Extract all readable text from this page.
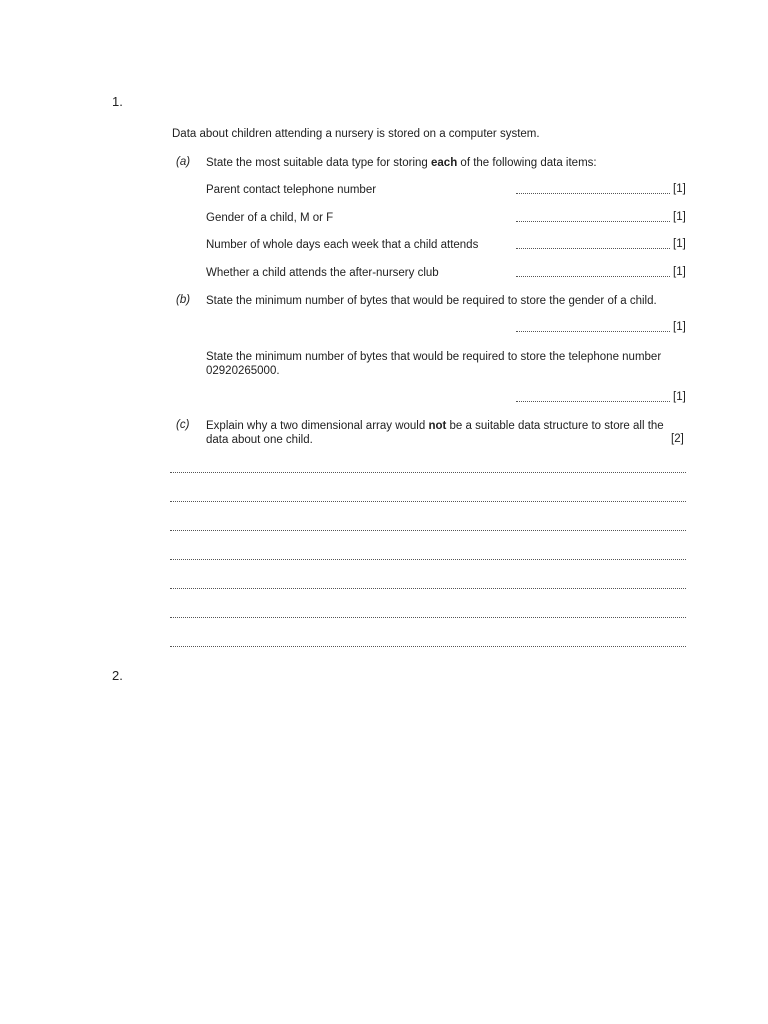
1.
Data about children attending a nursery is stored on a computer system.
(a) State the most suitable data type for storing each of the following data items:
Parent contact telephone number	[1]
Gender of a child, M or F	[1]
Number of whole days each week that a child attends	[1]
Whether a child attends the after-nursery club	[1]
(b) State the minimum number of bytes that would be required to store the gender of a child.
[1]
State the minimum number of bytes that would be required to store the telephone number
02920265000.
[1]
(c) Explain why a two dimensional array would not be a suitable data structure to store all the
data about one child.	[2]
2.
